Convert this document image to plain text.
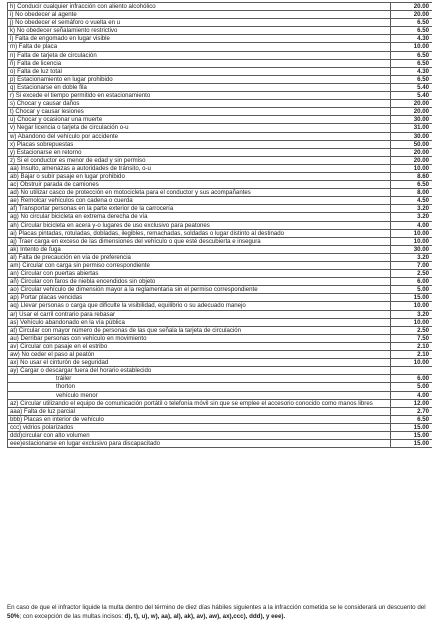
h) Conducir cualquier infracción con aliento alcohólico	20.00
i) No obedecer al agente	20.00
j) No obedecer el semáforo o vuelta en u	6.50
k) No obedecer señalamiento restrictivo	6.50
l) Falta de engomado en lugar visible	4.30
m) Falta de placa	10.00
n) Falta de tarjeta de circulación	6.50
ñ) Falta de licencia	6.50
o) Falta de luz total	4.30
p) Estacionamiento en lugar prohibido	6.50
q) Estacionarse en doble fila	5.40
r) Si excede el tiempo permitido en estacionamiento	5.40
s) Chocar y causar daños	20.00
t) Chocar y causar lesiones	20.00
u) Chocar y ocasionar una muerte	30.00
v) Negar licencia o tarjeta de circulación o-u	31.00
w) Abandono del vehículo por accidente	30.00
x) Placas sobrepuestas	50.00
y) Estacionarse en retorno	20.00
z) Si el conductor es menor de edad y sin permiso	20.00
aa) Insulto, amenazas a autoridades de tránsito, o-u	10.00
ab) Bajar o subir pasaje en lugar prohibido	8.60
ac) Obstruir parada de camiones	6.50
ad) No utilizar casco de protección en motocicleta para el conductor y sus acompañantes	8.00
ae) Remolcar vehículos con cadena o cuerda	4.50
af) Transportar personas en la parte exterior de la carrocería	3.20
ag) No circular bicicleta en extrema derecha de vía	3.20
ah) Circular bicicleta en acera y-o lugares de uso exclusivo para peatones	4.00
ai) Placas pintadas, rotuladas, dobladas, ilegibles, remachadas, soldadas o lugar distinto al destinado	10.00
aj) Traer carga en exceso de las dimensiones del vehículo o que esté descubierta e insegura	10.00
ak) Intento de fuga	30.00
al) Falta de precaución en vía de preferencia	3.20
am) Circular con carga sin permiso correspondiente	7.00
an) Circular con puertas abiertas	2.50
añ) Circular con faros de niebla encendidos sin objeto	6.00
ao) Circular vehículo de dimensión mayor a la reglamentaria sin el permiso correspondiente	5.00
ap) Portar placas vencidas	15.00
aq) Llevar personas o carga que dificulte la visibilidad, equilibrio o su adecuado manejo	10.00
ar) Usar el carril contrario para rebasar	3.20
as) Vehículo abandonado en la vía pública	10.00
at) Circular con mayor número de personas de las que señala la tarjeta de circulación	2.50
au) Derribar personas con vehículo en movimiento	7.50
av) Circular con pasaje en el estribo	2.10
aw) No ceder el paso al peatón	2.10
ax) No usar el cinturón de seguridad	10.00
ay) Cargar o descargar fuera del horario establecido	
tráiler	6.00
thorton	5.00
vehículo menor	4.00
az) Circular utilizando el equipo de comunicación portátil o telefonía móvil sin que se emplee el accesorio conocido como manos libres	12.00
aaa) Falta de luz parcial	2.70
bbb) Placas en interior de vehículo	6.50
ccc) vidrios polarizados	15.00
ddd)circular con alto volumen	15.00
eee)estacionarse en lugar exclusivo para discapacitado	15.00
En caso de que el infractor liquide la multa dentro del término de diez días hábiles siguientes a la infracción cometida se le considerará un descuento del 50%; con excepción de las multas incisos: d), t), u), w), aa), al), ak), av), aw), ax),ccc), ddd), y eee).
